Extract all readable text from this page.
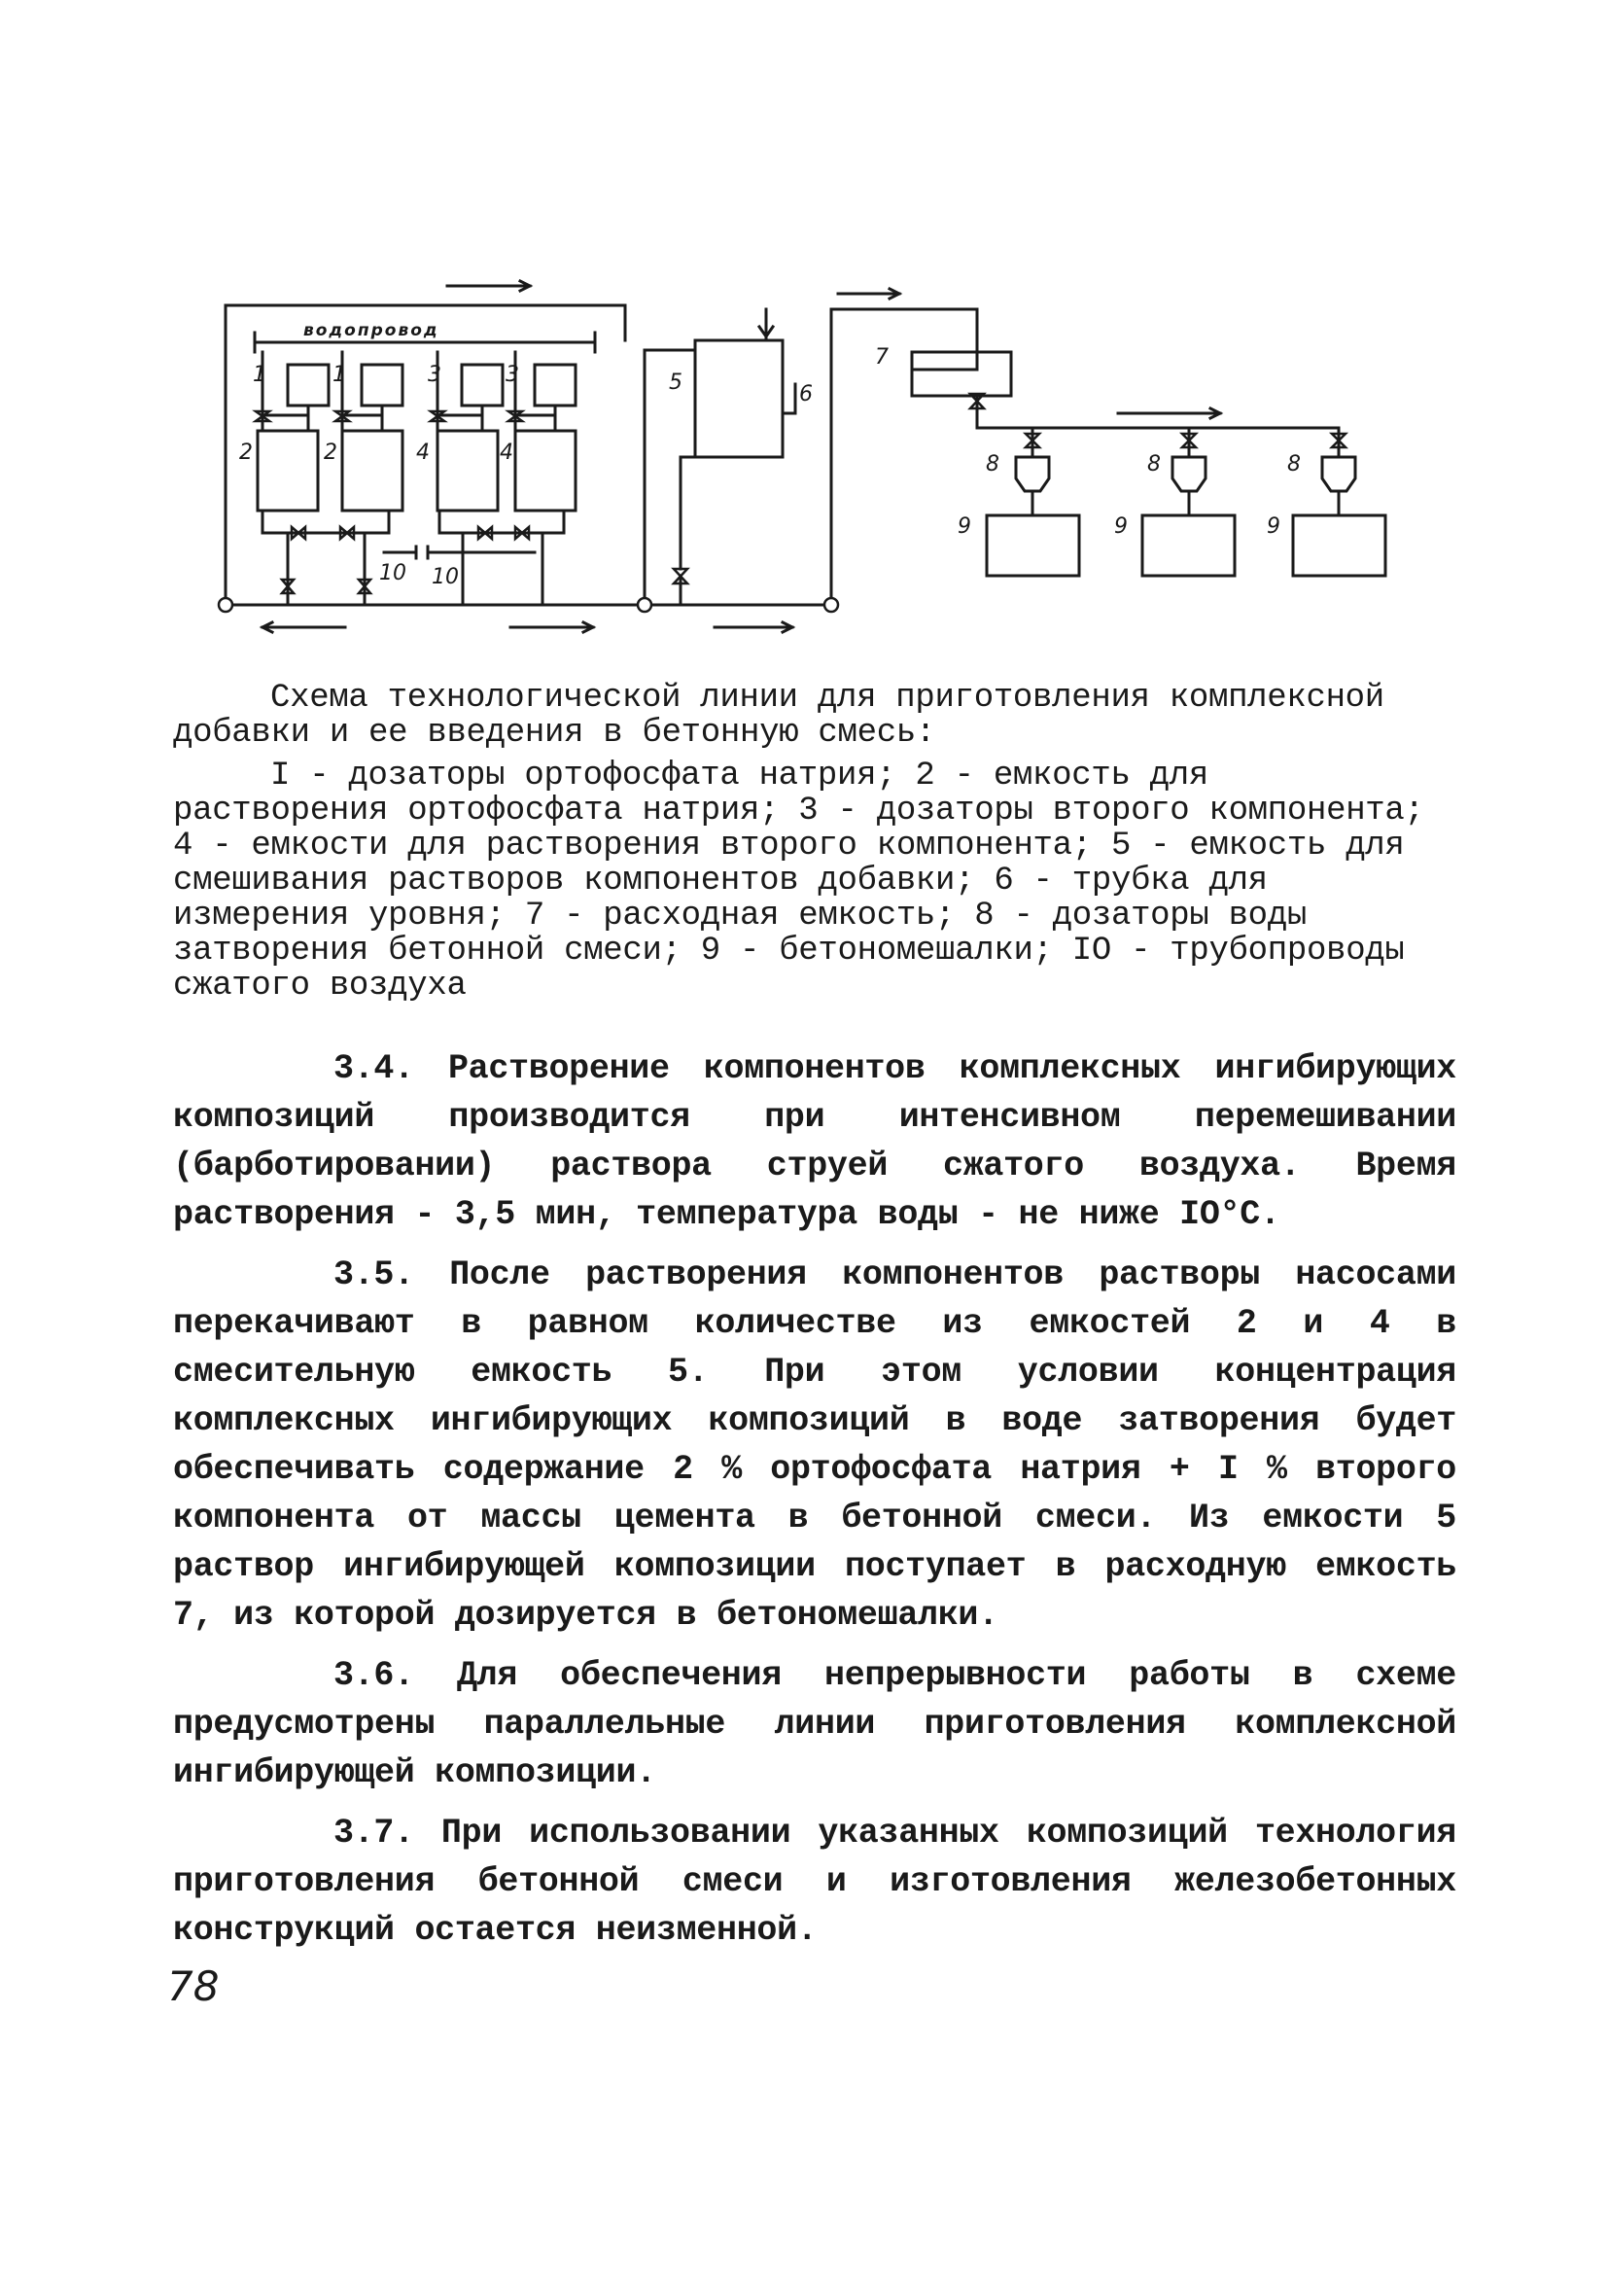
водопровод
1	1	3	3
2	2	4	4
10 10
5	6
7
8	8	8
9	9	9

Схема технологической линии для приготовления комплексной добавки и ее введения в бетонную смесь:

I - дозаторы ортофосфата натрия; 2 - емкость для растворения ортофосфата натрия; 3 - дозаторы второго компонента; 4 - емкости для растворения второго компонента; 5 - емкость для смешивания растворов компонентов добавки; 6 - трубка для измерения уровня; 7 - расходная емкость; 8 - дозаторы воды затворения бетонной смеси; 9 - бетономешалки; IO - трубопроводы сжатого воздуха

3.4. Растворение компонентов комплексных ингибирующих композиций производится при интенсивном перемешивании (барботировании) раствора струей сжатого воздуха. Время растворения - 3,5 мин, температура воды - не ниже IO°C.

3.5. После растворения компонентов растворы насосами перекачивают в равном количестве из емкостей 2 и 4 в смесительную емкость 5. При этом условии концентрация комплексных ингибирующих композиций в воде затворения будет обеспечивать содержание 2 % ортофосфата натрия + I % второго компонента от массы цемента в бетонной смеси. Из емкости 5 раствор ингибирующей композиции поступает в расходную емкость 7, из которой дозируется в бетономешалки.

3.6. Для обеспечения непрерывности работы в схеме предусмотрены параллельные линии приготовления комплексной ингибирующей композиции.

3.7. При использовании указанных композиций технология приготовления бетонной смеси и изготовления железобетонных конструкций остается неизменной.

78
